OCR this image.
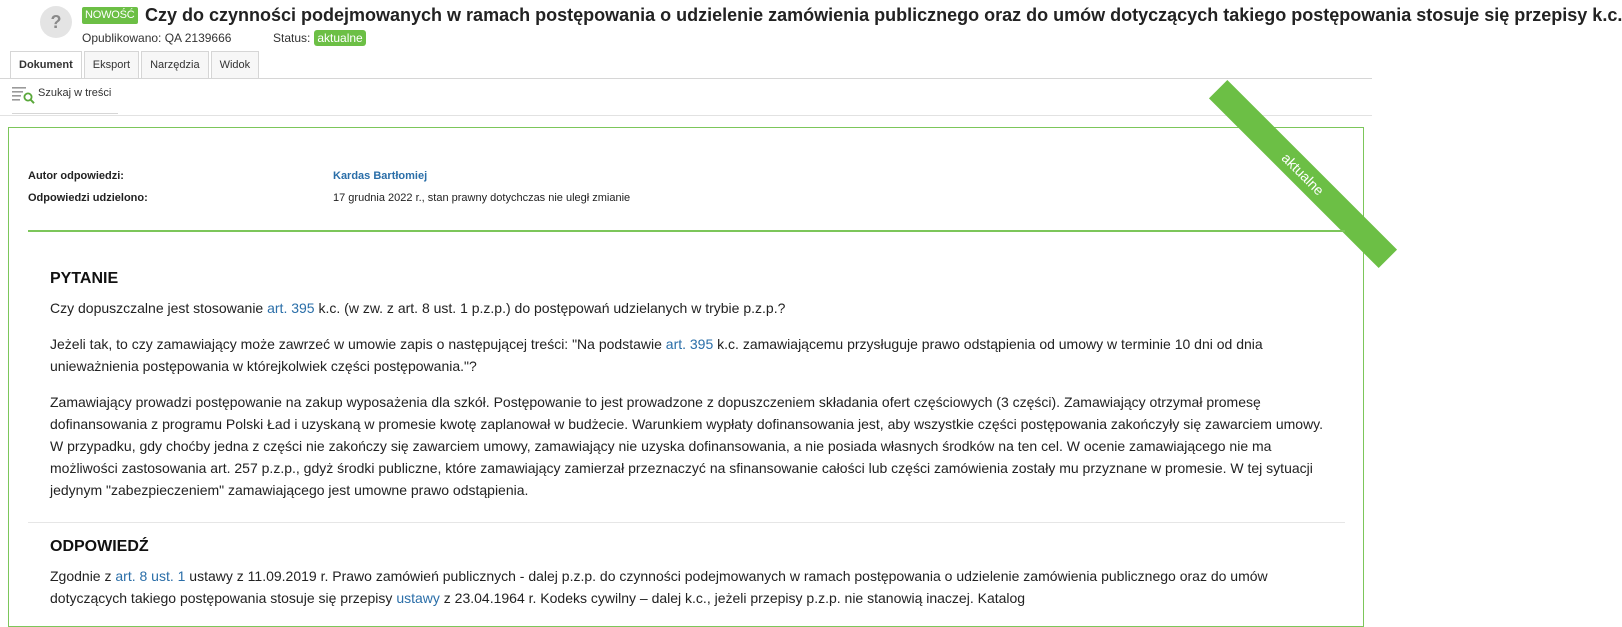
?	NOWOŚĆ Czy do czynności podejmowanych w ramach postępowania o udzielenie zamówienia publicznego oraz do umów dotyczących takiego postępowania stosuje się przepisy k.c.
Opublikowano: QA 2139666	Status: aktualne
Dokument	Eksport	Narzędzia	Widok
Szukaj w treści
aktualne
Autor odpowiedzi:	Kardas Bartłomiej
Odpowiedzi udzielono:	17 grudnia 2022 r., stan prawny dotychczas nie uległ zmianie
PYTANIE

Czy dopuszczalne jest stosowanie art. 395 k.c. (w zw. z art. 8 ust. 1 p.z.p.) do postępowań udzielanych w trybie p.z.p.?

Jeżeli tak, to czy zamawiający może zawrzeć w umowie zapis o następującej treści: "Na podstawie art. 395 k.c. zamawiającemu przysługuje prawo odstąpienia od umowy w terminie 10 dni od dnia unieważnienia postępowania w którejkolwiek części postępowania."?

Zamawiający prowadzi postępowanie na zakup wyposażenia dla szkół. Postępowanie to jest prowadzone z dopuszczeniem składania ofert częściowych (3 części). Zamawiający otrzymał promesę dofinansowania z programu Polski Ład i uzyskaną w promesie kwotę zaplanował w budżecie. Warunkiem wypłaty dofinansowania jest, aby wszystkie części postępowania zakończyły się zawarciem umowy. W przypadku, gdy choćby jedna z części nie zakończy się zawarciem umowy, zamawiający nie uzyska dofinansowania, a nie posiada własnych środków na ten cel. W ocenie zamawiającego nie ma możliwości zastosowania art. 257 p.z.p., gdyż środki publiczne, które zamawiający zamierzał przeznaczyć na sfinansowanie całości lub części zamówienia zostały mu przyznane w promesie. W tej sytuacji jedynym "zabezpieczeniem" zamawiającego jest umowne prawo odstąpienia.

ODPOWIEDŹ

Zgodnie z art. 8 ust. 1 ustawy z 11.09.2019 r. Prawo zamówień publicznych - dalej p.z.p. do czynności podejmowanych w ramach postępowania o udzielenie zamówienia publicznego oraz do umów dotyczących takiego postępowania stosuje się przepisy ustawy z 23.04.1964 r. Kodeks cywilny – dalej k.c., jeżeli przepisy p.z.p. nie stanowią inaczej. Katalog
